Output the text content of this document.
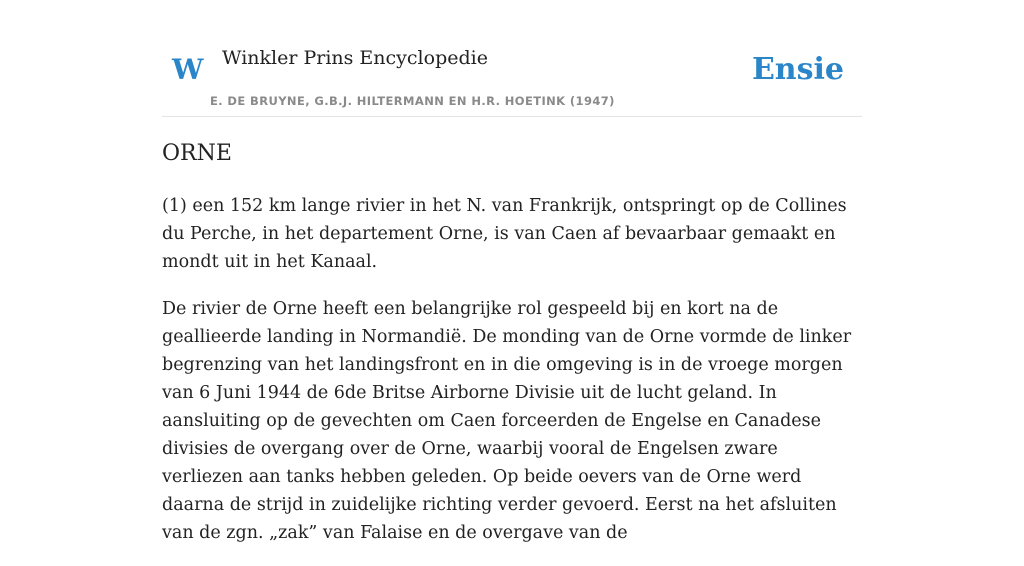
W Winkler Prins Encyclopedie
E. DE BRUYNE, G.B.J. HILTERMANN EN H.R. HOETINK (1947)
Ensie
ORNE

(1) een 152 km lange rivier in het N. van Frankrijk, ontspringt op de Collines du Perche, in het departement Orne, is van Caen af bevaarbaar gemaakt en mondt uit in het Kanaal.

De rivier de Orne heeft een belangrijke rol gespeeld bij en kort na de geallieerde landing in Normandië. De monding van de Orne vormde de linker begrenzing van het landingsfront en in die omgeving is in de vroege morgen van 6 Juni 1944 de 6de Britse Airborne Divisie uit de lucht geland. In aansluiting op de gevechten om Caen forceerden de Engelse en Canadese divisies de overgang over de Orne, waarbij vooral de Engelsen zware verliezen aan tanks hebben geleden. Op beide oevers van de Orne werd daarna de strijd in zuidelijke richting verder gevoerd. Eerst na het afsluiten van de zgn. „zak” van Falaise en de overgave van de
